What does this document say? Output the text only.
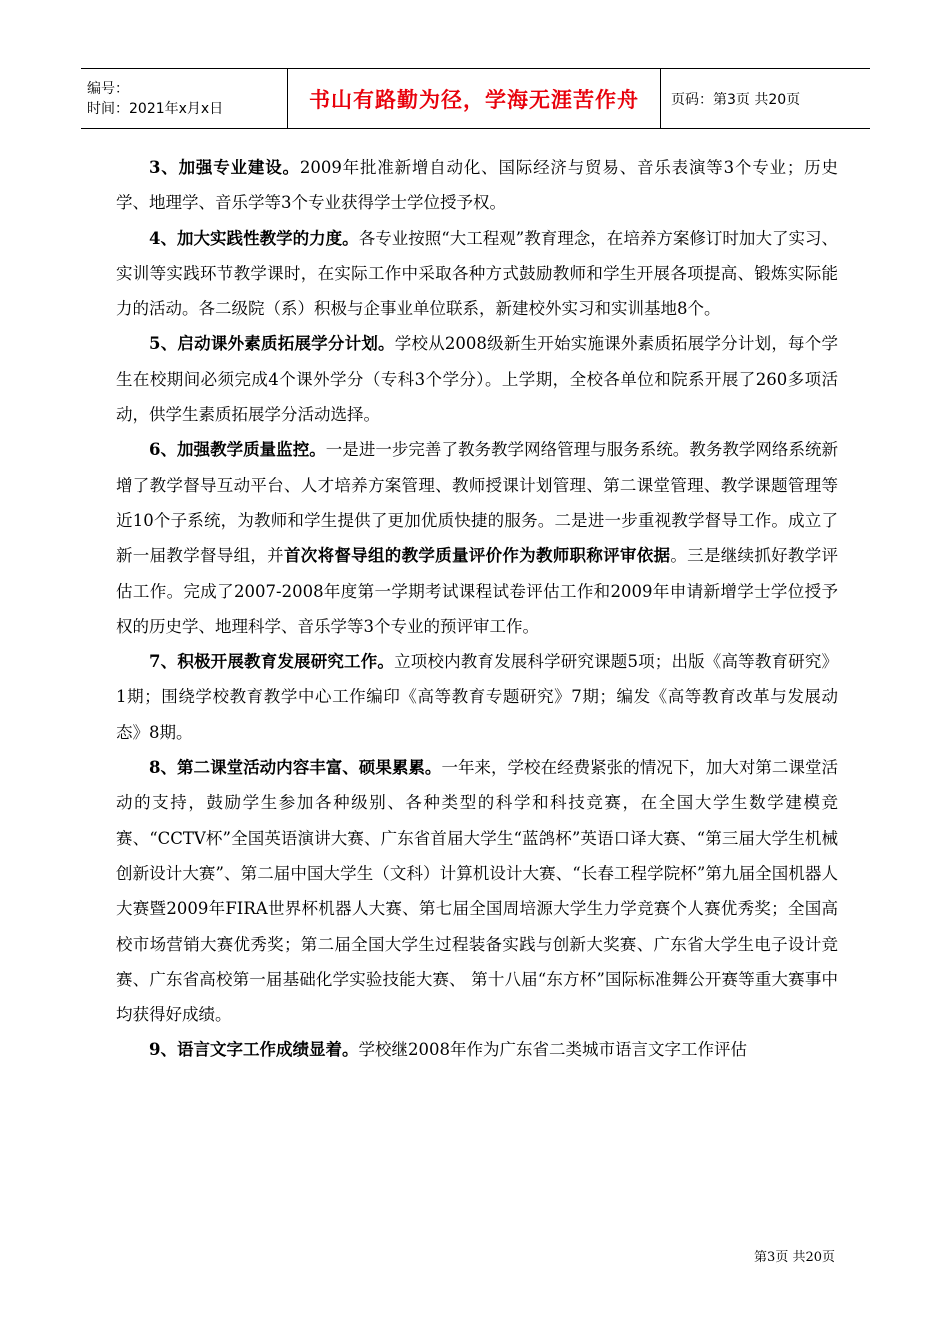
编号：
时间：2021年x月x日	书山有路勤为径，学海无涯苦作舟	页码：第3页 共20页

3、加强专业建设。2009年批准新增自动化、国际经济与贸易、音乐表演等3个专业；历史学、地理学、音乐学等3个专业获得学士学位授予权。

4、加大实践性教学的力度。各专业按照“大工程观”教育理念，在培养方案修订时加大了实习、实训等实践环节教学课时，在实际工作中采取各种方式鼓励教师和学生开展各项提高、锻炼实际能力的活动。各二级院（系）积极与企事业单位联系，新建校外实习和实训基地8个。

5、启动课外素质拓展学分计划。学校从2008级新生开始实施课外素质拓展学分计划，每个学生在校期间必须完成4个课外学分（专科3个学分）。上学期，全校各单位和院系开展了260多项活动，供学生素质拓展学分活动选择。

6、加强教学质量监控。一是进一步完善了教务教学网络管理与服务系统。教务教学网络系统新增了教学督导互动平台、人才培养方案管理、教师授课计划管理、第二课堂管理、教学课题管理等近10个子系统，为教师和学生提供了更加优质快捷的服务。二是进一步重视教学督导工作。成立了新一届教学督导组，并首次将督导组的教学质量评价作为教师职称评审依据。三是继续抓好教学评估工作。完成了2007-2008年度第一学期考试课程试卷评估工作和2009年申请新增学士学位授予权的历史学、地理科学、音乐学等3个专业的预评审工作。

7、积极开展教育发展研究工作。立项校内教育发展科学研究课题5项；出版《高等教育研究》1期；围绕学校教育教学中心工作编印《高等教育专题研究》7期；编发《高等教育改革与发展动态》8期。

8、第二课堂活动内容丰富、硕果累累。一年来，学校在经费紧张的情况下，加大对第二课堂活动的支持，鼓励学生参加各种级别、各种类型的科学和科技竞赛，在全国大学生数学建模竞赛、“CCTV杯”全国英语演讲大赛、广东省首届大学生“蓝鸽杯”英语口译大赛、“第三届大学生机械创新设计大赛”、第二届中国大学生（文科）计算机设计大赛、“长春工程学院杯”第九届全国机器人大赛暨2009年FIRA世界杯机器人大赛、第七届全国周培源大学生力学竞赛个人赛优秀奖；全国高校市场营销大赛优秀奖；第二届全国大学生过程装备实践与创新大奖赛、广东省大学生电子设计竞赛、广东省高校第一届基础化学实验技能大赛、 第十八届“东方杯”国际标准舞公开赛等重大赛事中均获得好成绩。

9、语言文字工作成绩显着。学校继2008年作为广东省二类城市语言文字工作评估

第3页 共20页
